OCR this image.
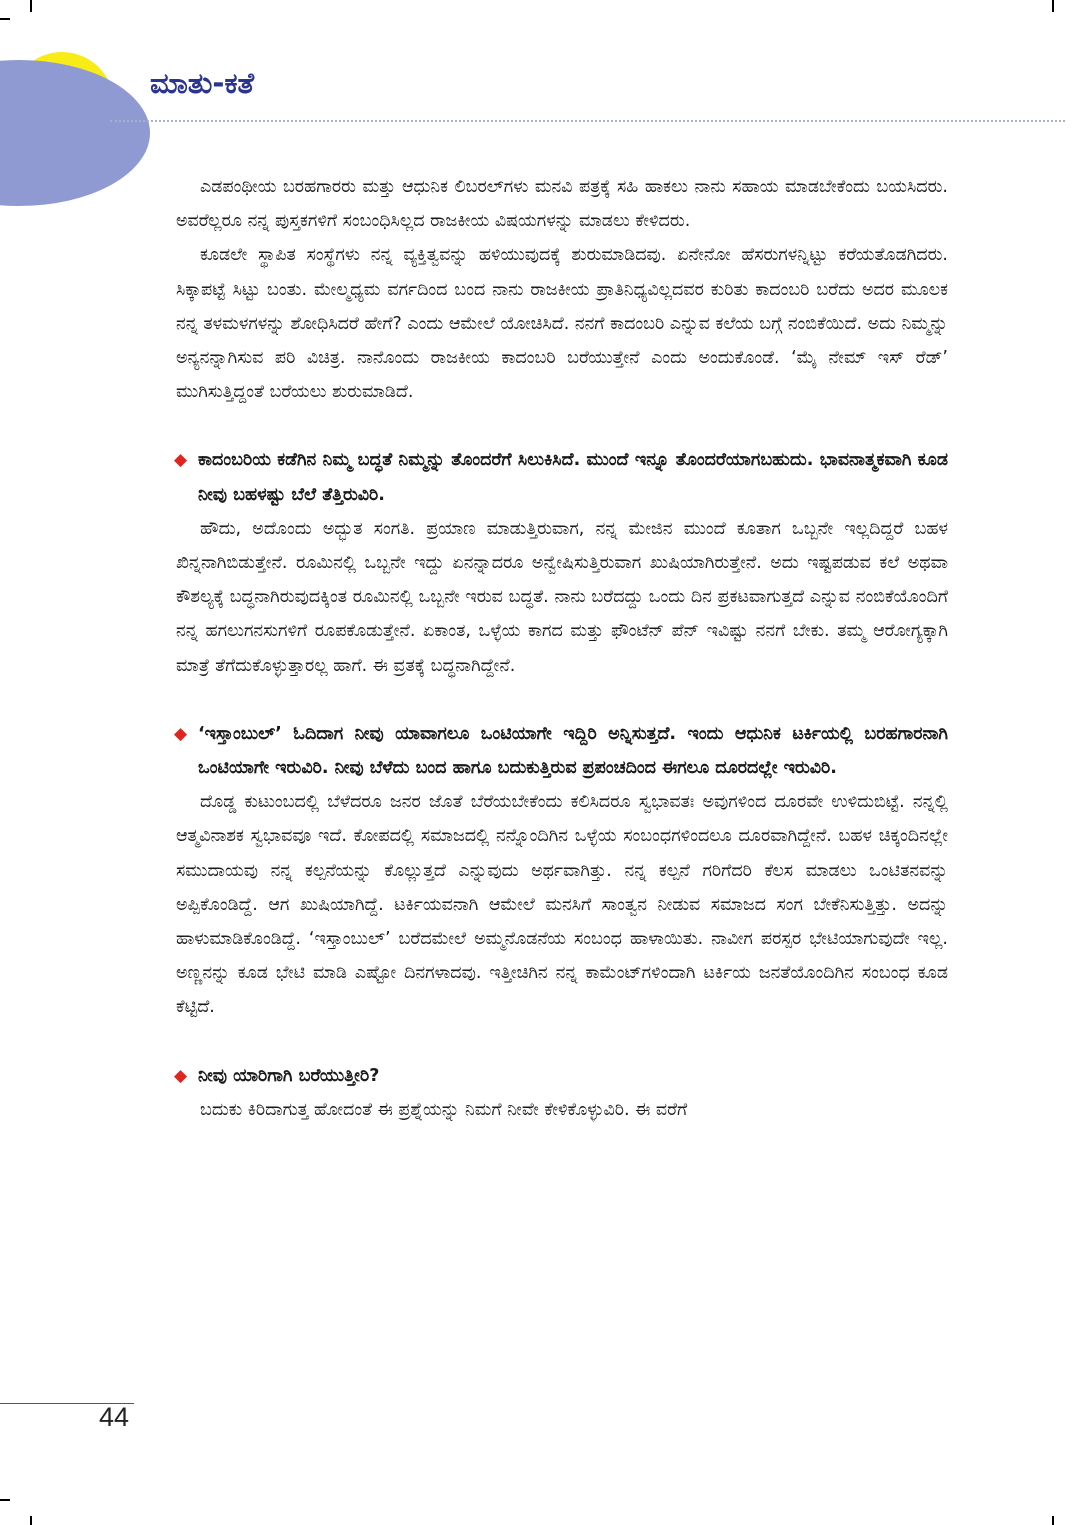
ಮಾತು-ಕತೆ

ಎಡಪಂಥೀಯ ಬರಹಗಾರರು ಮತ್ತು ಆಧುನಿಕ ಲಿಬರಲ್‌ಗಳು ಮನವಿ ಪತ್ರಕ್ಕೆ ಸಹಿ ಹಾಕಲು ನಾನು ಸಹಾಯ ಮಾಡಬೇಕೆಂದು ಬಯಸಿದರು. ಅವರೆಲ್ಲರೂ ನನ್ನ ಪುಸ್ತಕಗಳಿಗೆ ಸಂಬಂಧಿಸಿಲ್ಲದ ರಾಜಕೀಯ ವಿಷಯಗಳನ್ನು ಮಾಡಲು ಕೇಳಿದರು.

ಕೂಡಲೇ ಸ್ಥಾಪಿತ ಸಂಸ್ಥೆಗಳು ನನ್ನ ವ್ಯಕ್ತಿತ್ವವನ್ನು ಹಳಿಯುವುದಕ್ಕೆ ಶುರುಮಾಡಿದವು. ಏನೇನೋ ಹೆಸರುಗಳನ್ನಿಟ್ಟು ಕರೆಯತೊಡಗಿದರು. ಸಿಕ್ಕಾಪಟ್ಟೆ ಸಿಟ್ಟು ಬಂತು. ಮೇಲ್ಮಧ್ಯಮ ವರ್ಗದಿಂದ ಬಂದ ನಾನು ರಾಜಕೀಯ ಪ್ರಾತಿನಿಧ್ಯವಿಲ್ಲದವರ ಕುರಿತು ಕಾದಂಬರಿ ಬರೆದು ಅದರ ಮೂಲಕ ನನ್ನ ತಳಮಳಗಳನ್ನು ಶೋಧಿಸಿದರೆ ಹೇಗೆ? ಎಂದು ಆಮೇಲೆ ಯೋಚಿಸಿದೆ. ನನಗೆ ಕಾದಂಬರಿ ಎನ್ನುವ ಕಲೆಯ ಬಗ್ಗೆ ನಂಬಿಕೆಯಿದೆ. ಅದು ನಿಮ್ಮನ್ನು ಅನ್ಯನನ್ನಾಗಿಸುವ ಪರಿ ವಿಚಿತ್ರ. ನಾನೊಂದು ರಾಜಕೀಯ ಕಾದಂಬರಿ ಬರೆಯುತ್ತೇನೆ ಎಂದು ಅಂದುಕೊಂಡೆ. ‘ಮೈ ನೇಮ್ ಇಸ್ ರೆಡ್’ ಮುಗಿಸುತ್ತಿದ್ದಂತೆ ಬರೆಯಲು ಶುರುಮಾಡಿದೆ.

◆ ಕಾದಂಬರಿಯ ಕಡೆಗಿನ ನಿಮ್ಮ ಬದ್ಧತೆ ನಿಮ್ಮನ್ನು ತೊಂದರೆಗೆ ಸಿಲುಕಿಸಿದೆ. ಮುಂದೆ ಇನ್ನೂ ತೊಂದರೆಯಾಗಬಹುದು. ಭಾವನಾತ್ಮಕವಾಗಿ ಕೂಡ ನೀವು ಬಹಳಷ್ಟು ಬೆಲೆ ತೆತ್ತಿರುವಿರಿ.

ಹೌದು, ಅದೊಂದು ಅದ್ಭುತ ಸಂಗತಿ. ಪ್ರಯಾಣ ಮಾಡುತ್ತಿರುವಾಗ, ನನ್ನ ಮೇಜಿನ ಮುಂದೆ ಕೂತಾಗ ಒಬ್ಬನೇ ಇಲ್ಲದಿದ್ದರೆ ಬಹಳ ಖಿನ್ನನಾಗಿಬಿಡುತ್ತೇನೆ. ರೂಮಿನಲ್ಲಿ ಒಬ್ಬನೇ ಇದ್ದು ಏನನ್ನಾದರೂ ಅನ್ವೇಷಿಸುತ್ತಿರುವಾಗ ಖುಷಿಯಾಗಿರುತ್ತೇನೆ. ಅದು ಇಷ್ಟಪಡುವ ಕಲೆ ಅಥವಾ ಕೌಶಲ್ಯಕ್ಕೆ ಬದ್ಧನಾಗಿರುವುದಕ್ಕಿಂತ ರೂಮಿನಲ್ಲಿ ಒಬ್ಬನೇ ಇರುವ ಬದ್ಧತೆ. ನಾನು ಬರೆದದ್ದು ಒಂದು ದಿನ ಪ್ರಕಟವಾಗುತ್ತದೆ ಎನ್ನುವ ನಂಬಿಕೆಯೊಂದಿಗೆ ನನ್ನ ಹಗಲುಗನಸುಗಳಿಗೆ ರೂಪಕೊಡುತ್ತೇನೆ. ಏಕಾಂತ, ಒಳ್ಳೆಯ ಕಾಗದ ಮತ್ತು ಫೌಂಟೆನ್ ಪೆನ್ ಇವಿಷ್ಟು ನನಗೆ ಬೇಕು. ತಮ್ಮ ಆರೋಗ್ಯಕ್ಕಾಗಿ ಮಾತ್ರೆ ತೆಗೆದುಕೊಳ್ಳುತ್ತಾರಲ್ಲ ಹಾಗೆ. ಈ ವ್ರತಕ್ಕೆ ಬದ್ಧನಾಗಿದ್ದೇನೆ.

◆ ‘ಇಸ್ತಾಂಬುಲ್’ ಓದಿದಾಗ ನೀವು ಯಾವಾಗಲೂ ಒಂಟಿಯಾಗೇ ಇದ್ದಿರಿ ಅನ್ನಿಸುತ್ತದೆ. ಇಂದು ಆಧುನಿಕ ಟರ್ಕಿಯಲ್ಲಿ ಬರಹಗಾರನಾಗಿ ಒಂಟಿಯಾಗೇ ಇರುವಿರಿ. ನೀವು ಬೆಳೆದು ಬಂದ ಹಾಗೂ ಬದುಕುತ್ತಿರುವ ಪ್ರಪಂಚದಿಂದ ಈಗಲೂ ದೂರದಲ್ಲೇ ಇರುವಿರಿ.

ದೊಡ್ಡ ಕುಟುಂಬದಲ್ಲಿ ಬೆಳೆದರೂ ಜನರ ಜೊತೆ ಬೆರೆಯಬೇಕೆಂದು ಕಲಿಸಿದರೂ ಸ್ವಭಾವತಃ ಅವುಗಳಿಂದ ದೂರವೇ ಉಳಿದುಬಿಟ್ಟೆ. ನನ್ನಲ್ಲಿ ಆತ್ಮವಿನಾಶಕ ಸ್ವಭಾವವೂ ಇದೆ. ಕೋಪದಲ್ಲಿ ಸಮಾಜದಲ್ಲಿ ನನ್ನೊಂದಿಗಿನ ಒಳ್ಳೆಯ ಸಂಬಂಧಗಳಿಂದಲೂ ದೂರವಾಗಿದ್ದೇನೆ. ಬಹಳ ಚಿಕ್ಕಂದಿನಲ್ಲೇ ಸಮುದಾಯವು ನನ್ನ ಕಲ್ಪನೆಯನ್ನು ಕೊಲ್ಲುತ್ತದೆ ಎನ್ನುವುದು ಅರ್ಥವಾಗಿತ್ತು. ನನ್ನ ಕಲ್ಪನೆ ಗರಿಗೆದರಿ ಕೆಲಸ ಮಾಡಲು ಒಂಟಿತನವನ್ನು ಅಪ್ಪಿಕೊಂಡಿದ್ದೆ. ಆಗ ಖುಷಿಯಾಗಿದ್ದೆ. ಟರ್ಕಿಯವನಾಗಿ ಆಮೇಲೆ ಮನಸಿಗೆ ಸಾಂತ್ವನ ನೀಡುವ ಸಮಾಜದ ಸಂಗ ಬೇಕೆನಿಸುತ್ತಿತ್ತು. ಅದನ್ನು ಹಾಳುಮಾಡಿಕೊಂಡಿದ್ದೆ. ‘ಇಸ್ತಾಂಬುಲ್’ ಬರೆದಮೇಲೆ ಅಮ್ಮನೊಡನೆಯ ಸಂಬಂಧ ಹಾಳಾಯಿತು. ನಾವೀಗ ಪರಸ್ಪರ ಭೇಟಿಯಾಗುವುದೇ ಇಲ್ಲ. ಅಣ್ಣನನ್ನು ಕೂಡ ಭೇಟಿ ಮಾಡಿ ಎಷ್ಟೋ ದಿನಗಳಾದವು. ಇತ್ತೀಚಿಗಿನ ನನ್ನ ಕಾಮೆಂಟ್‌ಗಳಿಂದಾಗಿ ಟರ್ಕಿಯ ಜನತೆಯೊಂದಿಗಿನ ಸಂಬಂಧ ಕೂಡ ಕೆಟ್ಟಿದೆ.

◆ ನೀವು ಯಾರಿಗಾಗಿ ಬರೆಯುತ್ತೀರಿ?

ಬದುಕು ಕಿರಿದಾಗುತ್ತ ಹೋದಂತೆ ಈ ಪ್ರಶ್ನೆಯನ್ನು ನಿಮಗೆ ನೀವೇ ಕೇಳಿಕೊಳ್ಳುವಿರಿ. ಈ ವರೆಗೆ

44
